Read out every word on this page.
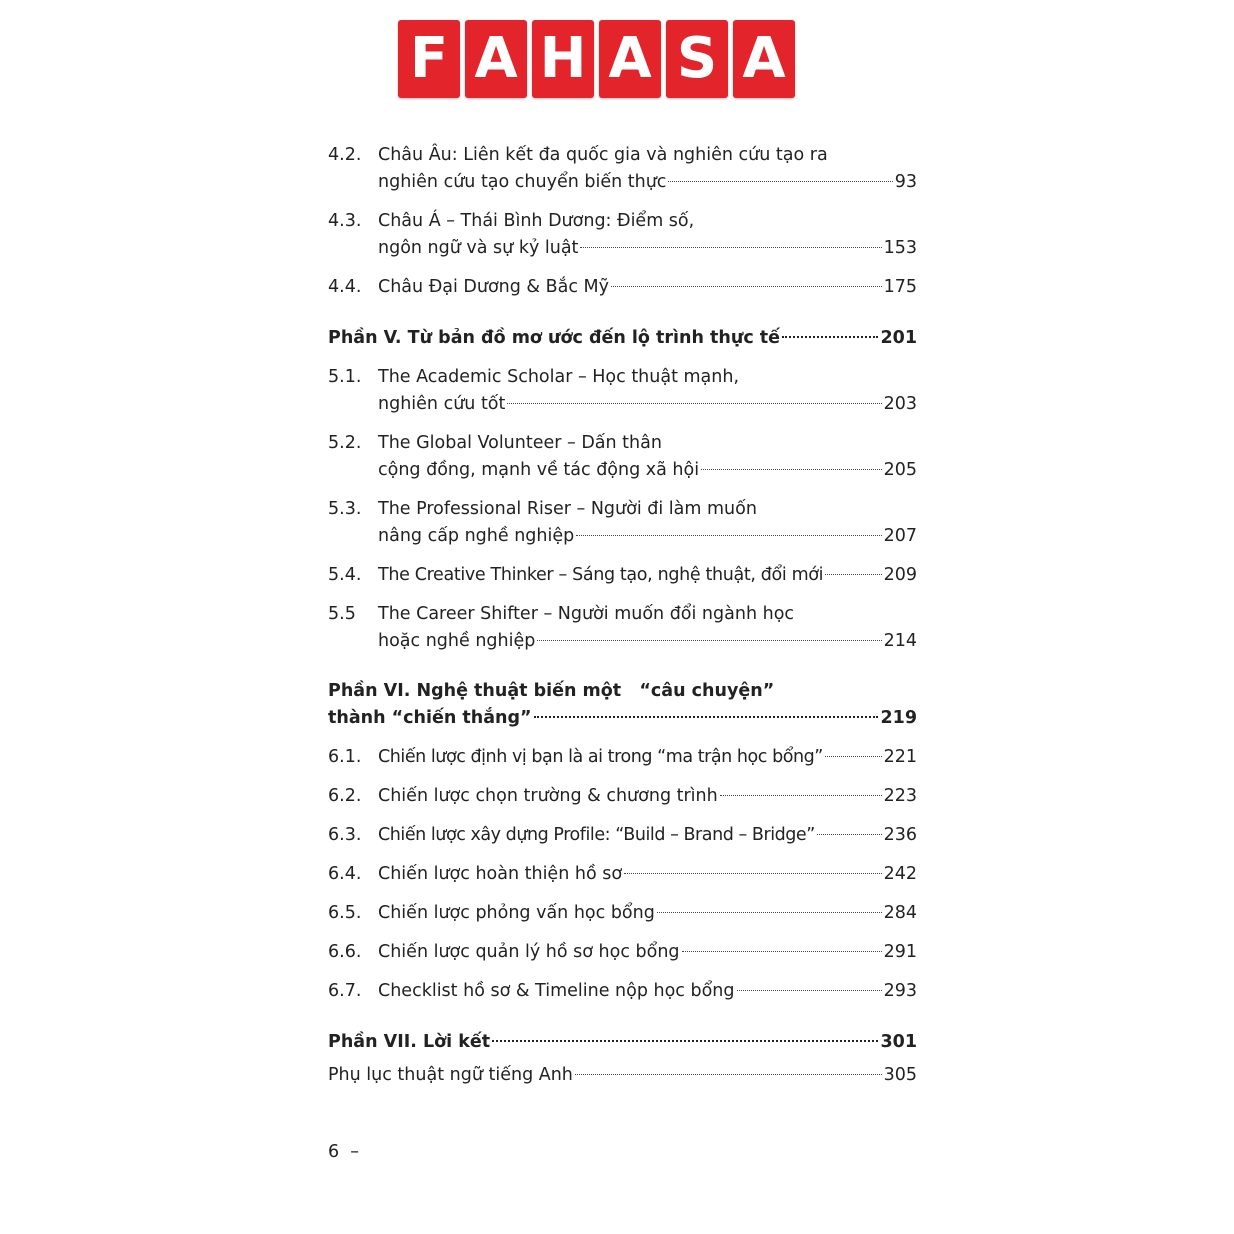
F A H A S A
4.2. Châu Âu: Liên kết đa quốc gia và nghiên cứu tạo ra
nghiên cứu tạo chuyển biến thực	93
4.3. Châu Á – Thái Bình Dương: Điểm số,
ngôn ngữ và sự kỷ luật	153
4.4. Châu Đại Dương & Bắc Mỹ	175
Phần V. Từ bản đồ mơ ước đến lộ trình thực tế	201
5.1. The Academic Scholar – Học thuật mạnh,
nghiên cứu tốt	203
5.2. The Global Volunteer – Dấn thân
cộng đồng, mạnh về tác động xã hội	205
5.3. The Professional Riser – Người đi làm muốn
nâng cấp nghề nghiệp	207
5.4. The Creative Thinker – Sáng tạo, nghệ thuật, đổi mới	209
5.5 The Career Shifter – Người muốn đổi ngành học
hoặc nghề nghiệp	214
Phần VI. Nghệ thuật biến một   “câu chuyện”
thành “chiến thắng”	219
6.1. Chiến lược định vị bạn là ai trong “ma trận học bổng”	221
6.2. Chiến lược chọn trường & chương trình	223
6.3. Chiến lược xây dựng Profile: “Build – Brand – Bridge”	236
6.4. Chiến lược hoàn thiện hồ sơ	242
6.5. Chiến lược phỏng vấn học bổng	284
6.6. Chiến lược quản lý hồ sơ học bổng	291
6.7. Checklist hồ sơ & Timeline nộp học bổng	293
Phần VII. Lời kết	301
Phụ lục thuật ngữ tiếng Anh	305
6  –
